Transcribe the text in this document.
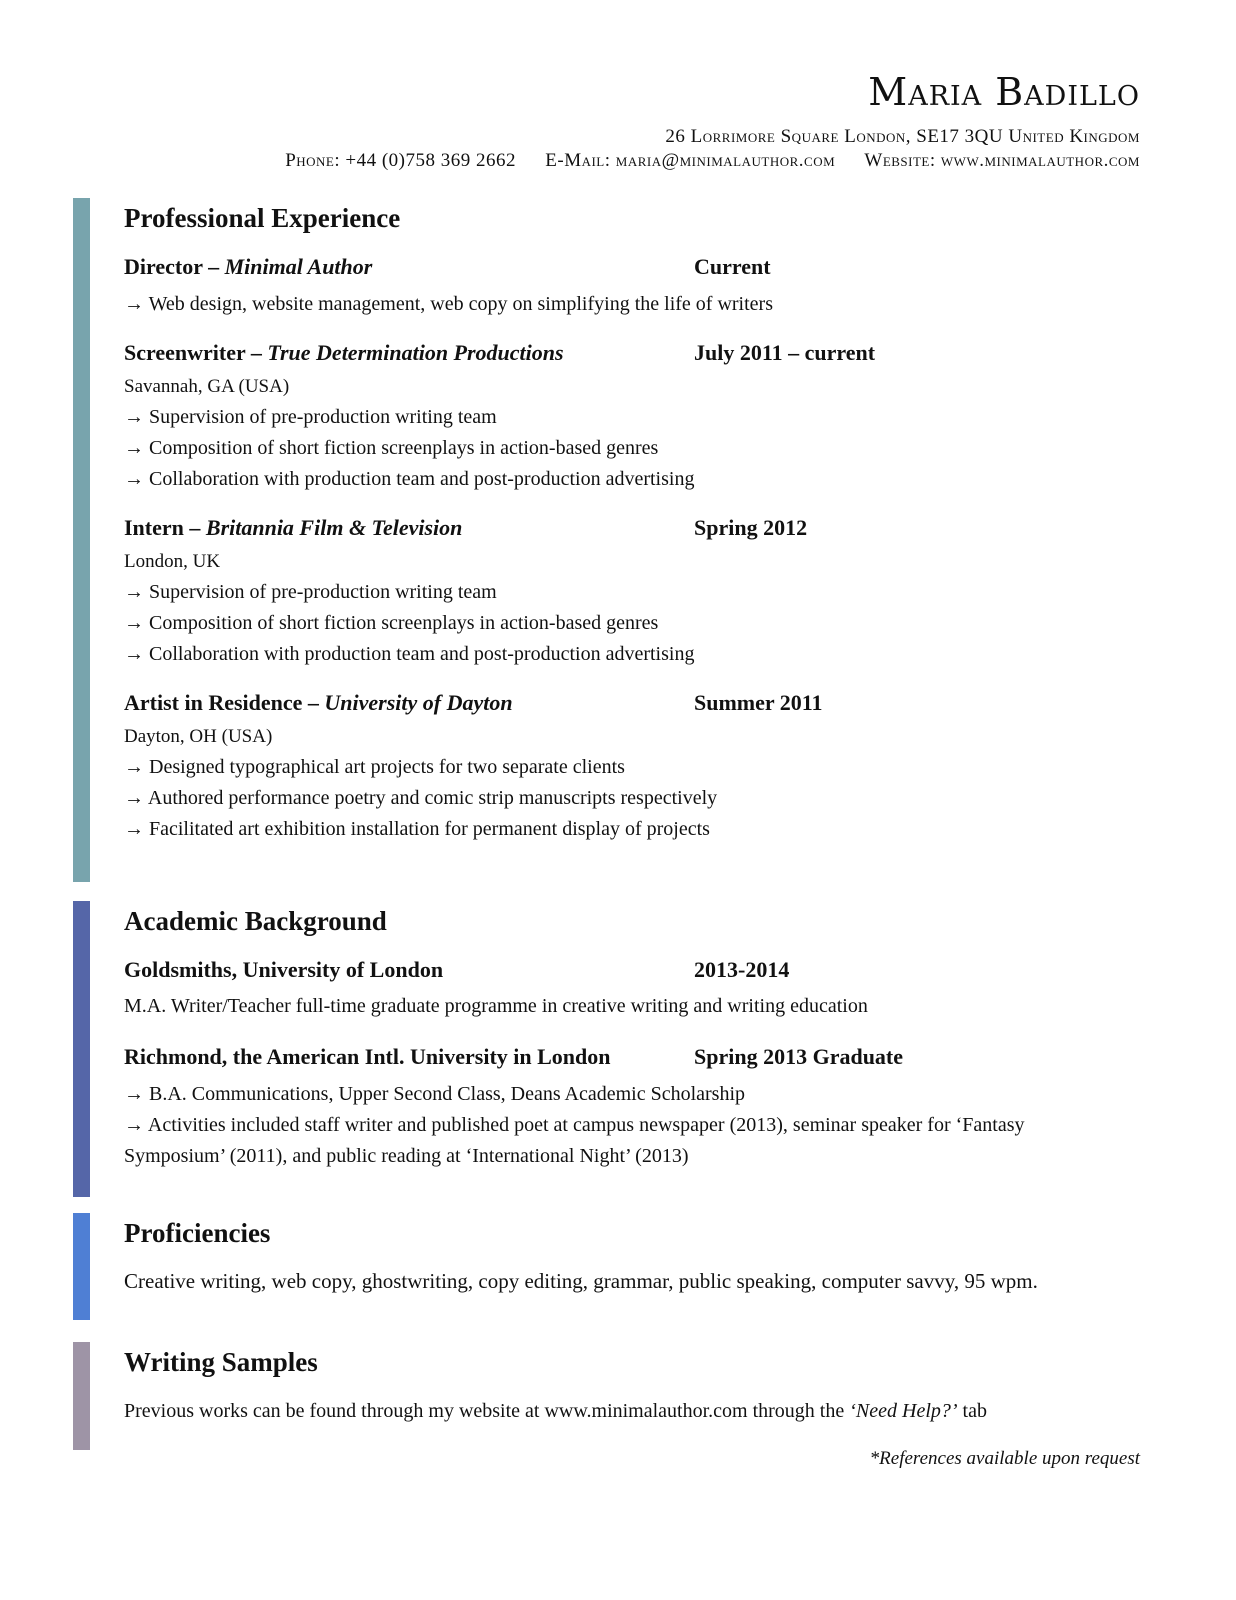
Maria Badillo
26 Lorrimore Square London, SE17 3QU United Kingdom
Phone: +44 (0)758 369 2662 E-Mail: maria@minimalauthor.com Website: www.minimalauthor.com
Professional Experience
Director – Minimal Author	Current
→ Web design, website management, web copy on simplifying the life of writers
Screenwriter – True Determination Productions	July 2011 – current
Savannah, GA (USA)
→ Supervision of pre-production writing team
→ Composition of short fiction screenplays in action-based genres
→ Collaboration with production team and post-production advertising
Intern – Britannia Film & Television	Spring 2012
London, UK
→ Supervision of pre-production writing team
→ Composition of short fiction screenplays in action-based genres
→ Collaboration with production team and post-production advertising
Artist in Residence – University of Dayton	Summer 2011
Dayton, OH (USA)
→ Designed typographical art projects for two separate clients
→ Authored performance poetry and comic strip manuscripts respectively
→ Facilitated art exhibition installation for permanent display of projects
Academic Background
Goldsmiths, University of London	2013-2014
M.A. Writer/Teacher full-time graduate programme in creative writing and writing education
Richmond, the American Intl. University in London	Spring 2013 Graduate
→ B.A. Communications, Upper Second Class, Deans Academic Scholarship
→ Activities included staff writer and published poet at campus newspaper (2013), seminar speaker for ‘Fantasy Symposium’ (2011), and public reading at ‘International Night’ (2013)
Proficiencies
Creative writing, web copy, ghostwriting, copy editing, grammar, public speaking, computer savvy, 95 wpm.
Writing Samples
Previous works can be found through my website at www.minimalauthor.com through the ‘Need Help?’ tab
*References available upon request
